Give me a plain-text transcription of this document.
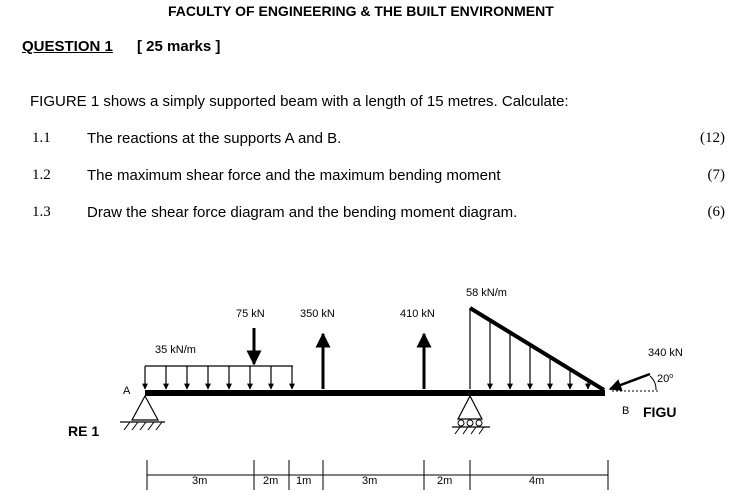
FACULTY OF ENGINEERING & THE BUILT ENVIRONMENT
QUESTION 1 [ 25 marks ]
FIGURE 1 shows a simply supported beam with a length of 15 metres. Calculate:
1.1 The reactions at the supports A and B.	(12)
1.2 The maximum shear force and the maximum bending moment	(7)
1.3 Draw the shear force diagram and the bending moment diagram.	(6)
35 kN/m
75 kN	350 kN	410 kN
58 kN/m
340 kN
20$^o$
A
B FIGU
RE 1
3m	2m 1m	3m	2m	4m
